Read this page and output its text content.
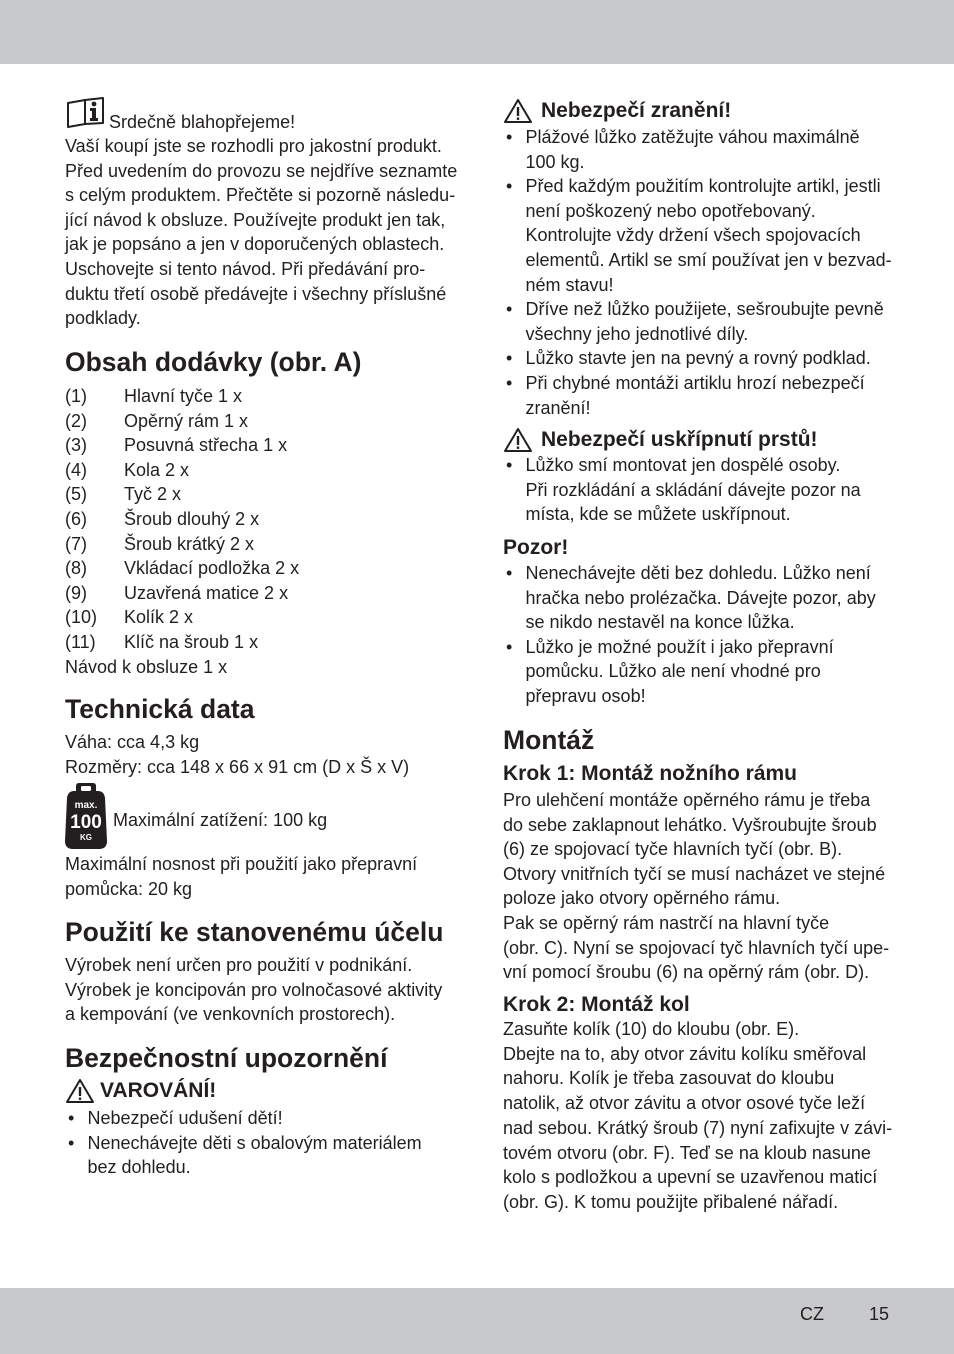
Srdečně blahopřejeme!
Vaší koupí jste se rozhodli pro jakostní produkt.
Před uvedením do provozu se nejdříve seznamte
s celým produktem. Přečtěte si pozorně následu-
jící návod k obsluze. Používejte produkt jen tak,
jak je popsáno a jen v doporučených oblastech.
Uschovejte si tento návod. Při předávání pro-
duktu třetí osobě předávejte i všechny příslušné
podklady.
Obsah dodávky (obr. A)
(1)	Hlavní tyče 1 x
(2)	Opěrný rám 1 x
(3)	Posuvná střecha 1 x
(4)	Kola 2 x
(5)	Tyč 2 x
(6)	Šroub dlouhý 2 x
(7)	Šroub krátký 2 x
(8)	Vkládací podložka 2 x
(9)	Uzavřená matice 2 x
(10)	Kolík 2 x
(11)	Klíč na šroub 1 x
Návod k obsluze 1 x
Technická data
Váha: cca 4,3 kg
Rozměry: cca 148 x 66 x 91 cm (D x Š x V)
max.
100
KG
Maximální zatížení: 100 kg
Maximální nosnost při použití jako přepravní
pomůcka: 20 kg
Použití ke stanovenému účelu
Výrobek není určen pro použití v podnikání.
Výrobek je koncipován pro volnočasové aktivity
a kempování (ve venkovních prostorech).
Bezpečnostní upozornění
VAROVÁNÍ!
• Nebezpečí udušení dětí!
• Nenechávejte děti s obalovým materiálem
bez dohledu.
Nebezpečí zranění!
• Plážové lůžko zatěžujte váhou maximálně
100 kg.
• Před každým použitím kontrolujte artikl, jestli
není poškozený nebo opotřebovaný.
Kontrolujte vždy držení všech spojovacích
elementů. Artikl se smí používat jen v bezvad-
ném stavu!
• Dříve než lůžko použijete, sešroubujte pevně
všechny jeho jednotlivé díly.
• Lůžko stavte jen na pevný a rovný podklad.
• Při chybné montáži artiklu hrozí nebezpečí
zranění!
Nebezpečí uskřípnutí prstů!
• Lůžko smí montovat jen dospělé osoby.
Při rozkládání a skládání dávejte pozor na
místa, kde se můžete uskřípnout.
Pozor!
• Nenechávejte děti bez dohledu. Lůžko není
hračka nebo prolézačka. Dávejte pozor, aby
se nikdo nestavěl na konce lůžka.
• Lůžko je možné použít i jako přepravní
pomůcku. Lůžko ale není vhodné pro
přepravu osob!
Montáž
Krok 1: Montáž nožního rámu
Pro ulehčení montáže opěrného rámu je třeba
do sebe zaklapnout lehátko. Vyšroubujte šroub
(6) ze spojovací tyče hlavních tyčí (obr. B).
Otvory vnitřních tyčí se musí nacházet ve stejné
poloze jako otvory opěrného rámu.
Pak se opěrný rám nastrčí na hlavní tyče
(obr. C). Nyní se spojovací tyč hlavních tyčí upe-
vní pomocí šroubu (6) na opěrný rám (obr. D).
Krok 2: Montáž kol
Zasuňte kolík (10) do kloubu (obr. E).
Dbejte na to, aby otvor závitu kolíku směřoval
nahoru. Kolík je třeba zasouvat do kloubu
natolik, až otvor závitu a otvor osové tyče leží
nad sebou. Krátký šroub (7) nyní zafixujte v závi-
tovém otvoru (obr. F). Teď se na kloub nasune
kolo s podložkou a upevní se uzavřenou maticí
(obr. G). K tomu použijte přibalené nářadí.
CZ	15
